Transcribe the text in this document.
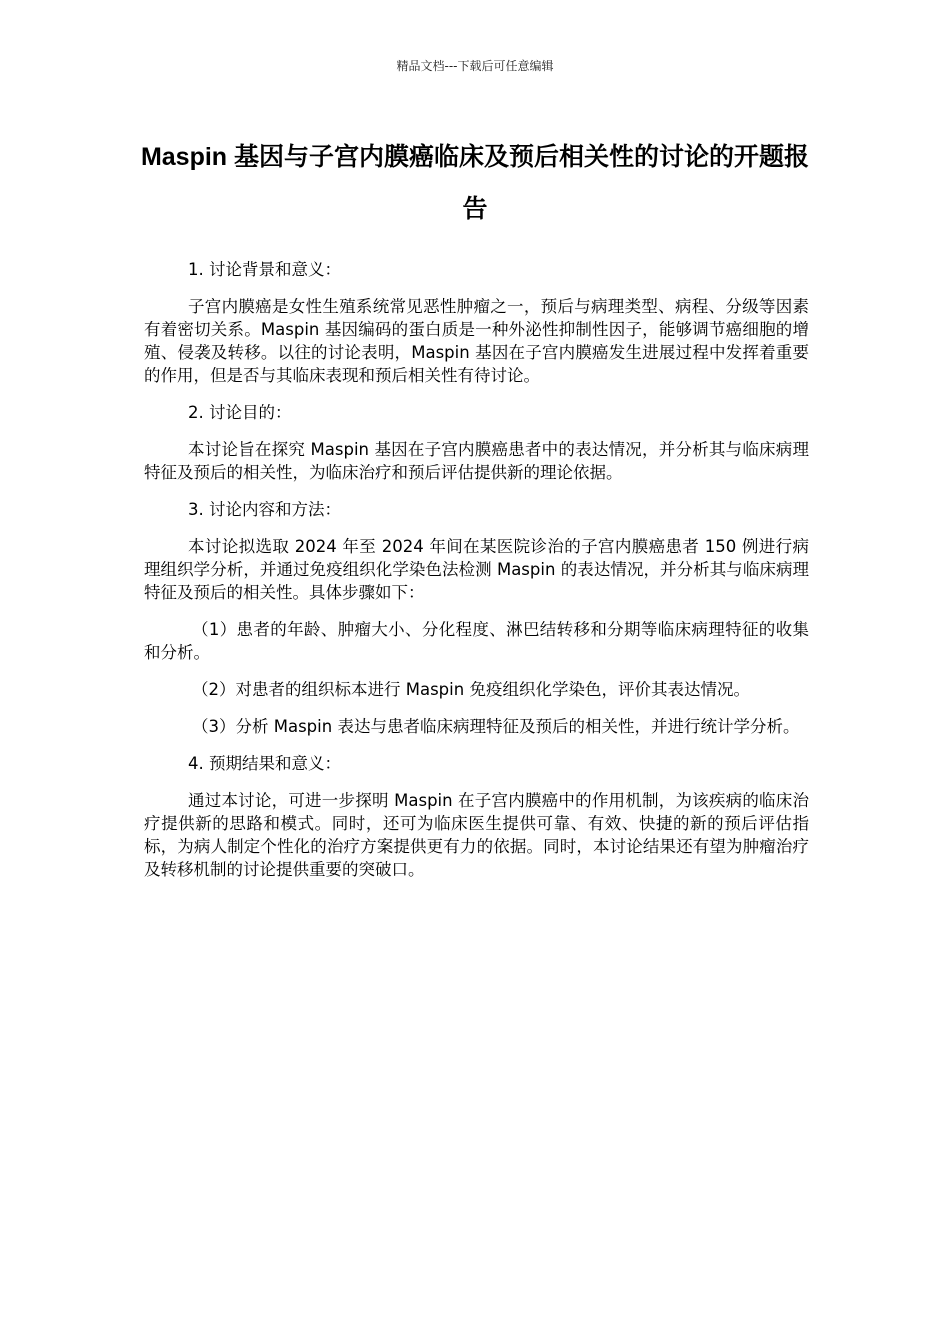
精品文档---下载后可任意编辑
Maspin 基因与子宫内膜癌临床及预后相关性的讨论的开题报告

1. 讨论背景和意义：

子宫内膜癌是女性生殖系统常见恶性肿瘤之一，预后与病理类型、病程、分级等因素有着密切关系。Maspin 基因编码的蛋白质是一种外泌性抑制性因子，能够调节癌细胞的增殖、侵袭及转移。以往的讨论表明，Maspin 基因在子宫内膜癌发生进展过程中发挥着重要的作用，但是否与其临床表现和预后相关性有待讨论。

2. 讨论目的：

本讨论旨在探究 Maspin 基因在子宫内膜癌患者中的表达情况，并分析其与临床病理特征及预后的相关性，为临床治疗和预后评估提供新的理论依据。

3. 讨论内容和方法：

本讨论拟选取 2024 年至 2024 年间在某医院诊治的子宫内膜癌患者 150 例进行病理组织学分析，并通过免疫组织化学染色法检测 Maspin 的表达情况，并分析其与临床病理特征及预后的相关性。具体步骤如下：

（1）患者的年龄、肿瘤大小、分化程度、淋巴结转移和分期等临床病理特征的收集和分析。

（2）对患者的组织标本进行 Maspin 免疫组织化学染色，评价其表达情况。

（3）分析 Maspin 表达与患者临床病理特征及预后的相关性，并进行统计学分析。

4. 预期结果和意义：

通过本讨论，可进一步探明 Maspin 在子宫内膜癌中的作用机制，为该疾病的临床治疗提供新的思路和模式。同时，还可为临床医生提供可靠、有效、快捷的新的预后评估指标，为病人制定个性化的治疗方案提供更有力的依据。同时，本讨论结果还有望为肿瘤治疗及转移机制的讨论提供重要的突破口。
